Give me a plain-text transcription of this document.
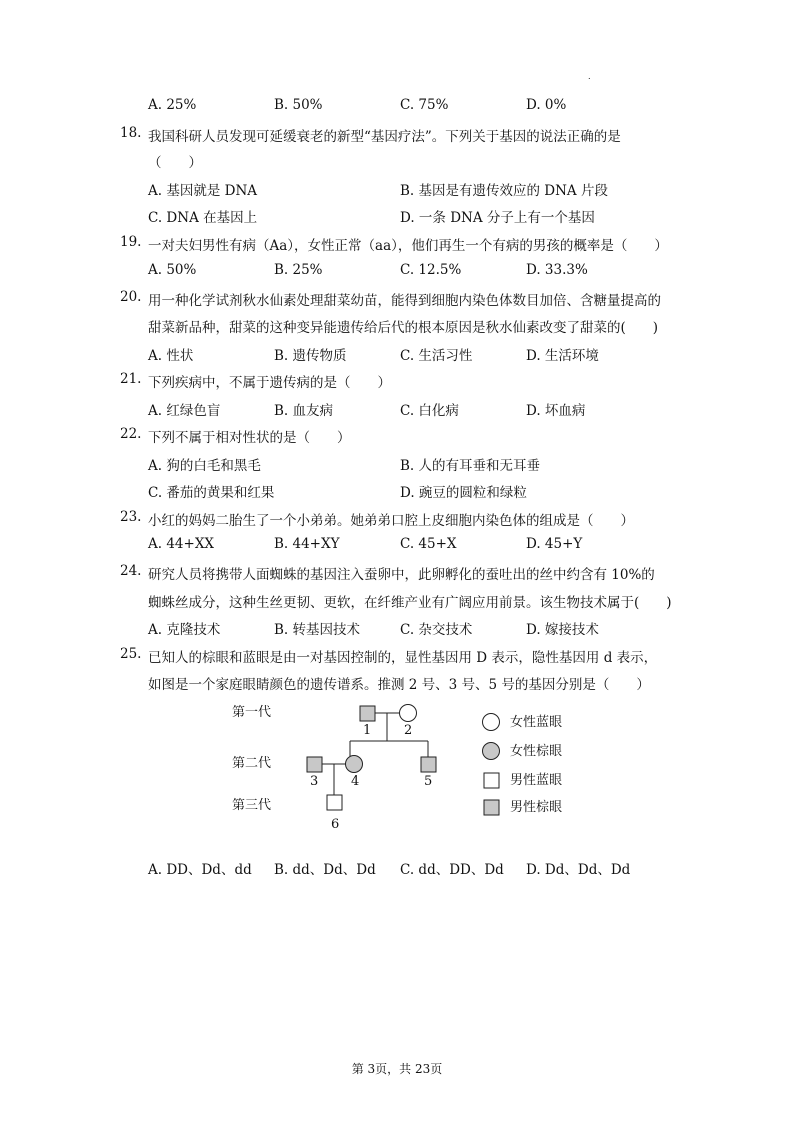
.
A. 25%	B. 50%	C. 75%	D. 0%
18. 我国科研人员发现可延缓衰老的新型“基因疗法”。下列关于基因的说法正确的是
（　　）
A. 基因就是 DNA	B. 基因是有遗传效应的 DNA 片段
C. DNA 在基因上	D. 一条 DNA 分子上有一个基因
19. 一对夫妇男性有病（Aa），女性正常（aa），他们再生一个有病的男孩的概率是（　　）
A. 50%	B. 25%	C. 12.5%	D. 33.3%
20. 用一种化学试剂秋水仙素处理甜菜幼苗，能得到细胞内染色体数目加倍、含糖量提高的
甜菜新品种，甜菜的这种变异能遗传给后代的根本原因是秋水仙素改变了甜菜的(　　)
A. 性状	B. 遗传物质	C. 生活习性	D. 生活环境
21. 下列疾病中，不属于遗传病的是（　　）
A. 红绿色盲	B. 血友病	C. 白化病	D. 坏血病
22. 下列不属于相对性状的是（　　）
A. 狗的白毛和黑毛	B. 人的有耳垂和无耳垂
C. 番茄的黄果和红果	D. 豌豆的圆粒和绿粒
23. 小红的妈妈二胎生了一个小弟弟。她弟弟口腔上皮细胞内染色体的组成是（　　）
A. 44+XX	B. 44+XY	C. 45+X	D. 45+Y
24. 研究人员将携带人面蜘蛛的基因注入蚕卵中，此卵孵化的蚕吐出的丝中约含有 10%的
蜘蛛丝成分，这种生丝更韧、更软，在纤维产业有广阔应用前景。该生物技术属于(　　)
A. 克隆技术	B. 转基因技术	C. 杂交技术	D. 嫁接技术
25. 已知人的棕眼和蓝眼是由一对基因控制的，显性基因用 D 表示，隐性基因用 d 表示，
如图是一个家庭眼睛颜色的遗传谱系。推测 2 号、3 号、5 号的基因分别是（　　）
第一代
第二代
第三代
1	2
3	4	5
6
女性蓝眼
女性棕眼
男性蓝眼
男性棕眼
A. DD、Dd、dd B. dd、Dd、Dd C. dd、DD、Dd D. Dd、Dd、Dd
第 3页，共 23页
